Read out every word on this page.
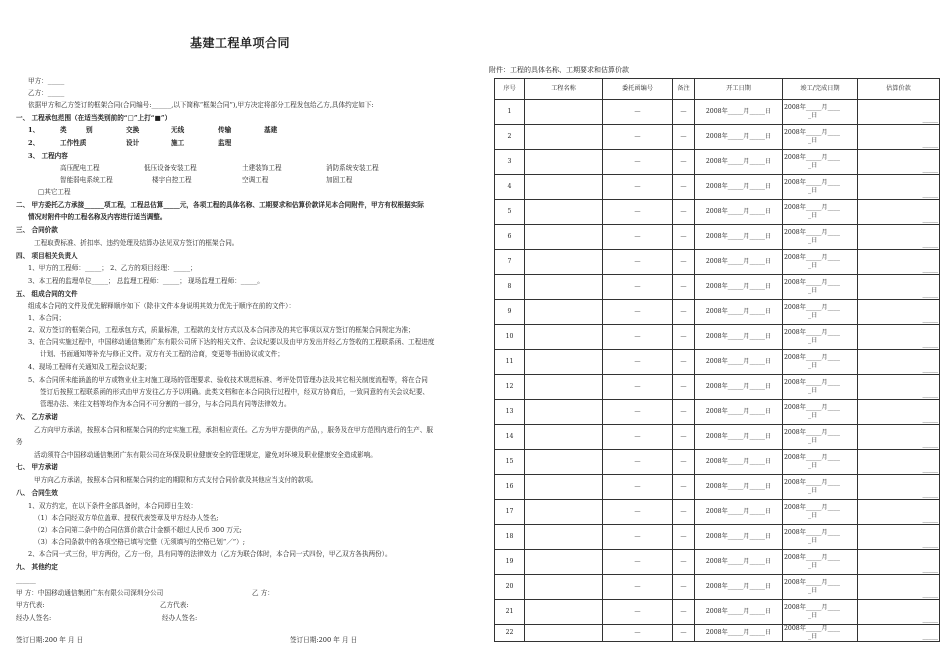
基建工程单项合同
甲方：_____
乙方：_____
依据甲方和乙方签订的框架合同(合同编号:______,以下简称“框架合同”),甲方决定将部分工程发包给乙方,具体约定如下:
一、 工程承包范围（在适当类别前的“□”上打“■”）
1、	类	别	交换	无线	传输	基建
2、	工作性质	设计	施工	监理
3、 工程内容
高压配电工程	低压设备安装工程	土建装饰工程	消防系统安装工程
智能弱电系统工程	楼宇自控工程	空调工程	加固工程
□其它工程
二、 甲方委托乙方承接______项工程，工程总估算_____元，各项工程的具体名称、工期要求和估算价款详见本合同附件，甲方有权根据实际
情况对附件中的工程名称及内容进行适当调整。
三、 合同价款
工程取费标准、折扣率、违约处理及结算办法见双方签订的框架合同。
四、 项目相关负责人
1、甲方的工程师：_____； 2、乙方的项目经理：_____；
3、本工程的监理单位_____； 总监理工程师：_____； 现场监理工程师：_____。
五、 组成合同的文件
组成本合同的文件及优先解释顺序如下（除非文件本身说明其效力优先于顺序在前的文件）：
1、本合同；
2、双方签订的框架合同，工程承包方式，质量标准，工程款的支付方式以及本合同涉及的其它事项以双方签订的框架合同规定为准；
3、在合同实施过程中，中国移动通信集团广东有限公司所下达的相关文件、会议纪要以及由甲方发出并经乙方签收的工程联系函、工程进度
计划、书面通知等补充与修正文件。双方有关工程的洽商，变更等书面协议或文件；
4、现场工程师有关通知及工程会议纪要；
5、本合同所未能涵盖的甲方或物业业主对施工现场的管理要求、验收技术规范标准、考评处罚管理办法及其它相关制度流程等，将在合同
签订后按照工程联系函的形式由甲方发往乙方予以明确。此类文档和在本合同执行过程中，经双方协商后，一致同意的有关会议纪要、
管理办法、来往文档等均作为本合同不可分割的一部分，与本合同具有同等法律效力。
六、 乙方承诺
乙方向甲方承诺，按照本合同和框架合同的约定实施工程，承担相应责任。乙方为甲方提供的产品，，服务及在甲方范围内进行的生产、服
务
活动须符合中国移动通信集团广东有限公司在环保及职业健康安全的管理规定，避免对环境及职业健康安全造成影响。
七、 甲方承诺
甲方向乙方承诺，按照本合同和框架合同约定的期限和方式支付合同价款及其他应当支付的款项。
八、 合同生效
1、双方约定，在以下条件全部具备时，本合同即日生效：
（1）本合同经双方单位盖章、授权代表签章及甲方经办人签名;
（2）本合同第二条中的合同估算价款合计金额不超过人民币 300 万元;
（3）本合同条款中的各项空格已填写完整（无须填写的空格已划“／”）;
2、本合同一式三份，甲方两份，乙方一份，具有同等的法律效力（乙方为联合体时，本合同一式四份，甲乙双方各执两份）。
九、 其他约定
______
甲 方：中国移动通信集团广东有限公司深圳分公司	乙 方：
甲方代表:	乙方代表:
经办人签名:	经办人签名:
签订日期:200 年 月 日	签订日期:200 年 月 日
附件：工程的具体名称、工期要求和估算价款
序号	工程名称	委托函编号	备注	开工日期	竣工/完成日期	估算价款
1		—	—	2008年_____月_____日	2008年_____月____
_日	_____
2		—	—	2008年_____月_____日	2008年_____月____
_日	_____
3		—	—	2008年_____月_____日	2008年_____月____
_日	_____
4		—	—	2008年_____月_____日	2008年_____月____
_日	_____
5		—	—	2008年_____月_____日	2008年_____月____
_日	_____
6		—	—	2008年_____月_____日	2008年_____月____
_日	_____
7		—	—	2008年_____月_____日	2008年_____月____
_日	_____
8		—	—	2008年_____月_____日	2008年_____月____
_日	_____
9		—	—	2008年_____月_____日	2008年_____月____
_日	_____
10		—	—	2008年_____月_____日	2008年_____月____
_日	_____
11		—	—	2008年_____月_____日	2008年_____月____
_日	_____
12		—	—	2008年_____月_____日	2008年_____月____
_日	_____
13		—	—	2008年_____月_____日	2008年_____月____
_日	_____
14		—	—	2008年_____月_____日	2008年_____月____
_日	_____
15		—	—	2008年_____月_____日	2008年_____月____
_日	_____
16		—	—	2008年_____月_____日	2008年_____月____
_日	_____
17		—	—	2008年_____月_____日	2008年_____月____
_日	_____
18		—	—	2008年_____月_____日	2008年_____月____
_日	_____
19		—	—	2008年_____月_____日	2008年_____月____
_日	_____
20		—	—	2008年_____月_____日	2008年_____月____
_日	_____
21		—	—	2008年_____月_____日	2008年_____月____
_日	_____
22		—	—	2008年_____月_____日	2008年_____月____
_日	_____
